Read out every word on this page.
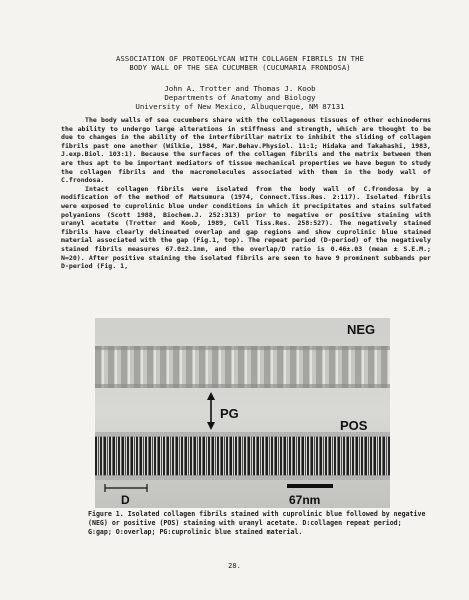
ASSOCIATION OF PROTEOGLYCAN WITH COLLAGEN FIBRILS IN THE
BODY WALL OF THE SEA CUCUMBER (CUCUMARIA FRONDOSA)
John A. Trotter and Thomas J. Koob
Departments of Anatomy and Biology
University of New Mexico, Albuquerque, NM 87131

The body walls of sea cucumbers share with the collagenous tissues of other echinoderms the ability to undergo large alterations in stiffness and strength, which are thought to be due to changes in the ability of the interfibrillar matrix to inhibit the sliding of collagen fibrils past one another (Wilkie, 1984, Mar.Behav.Physiol. 11:1; Hidaka and Takahashi, 1983, J.exp.Biol. 103:1). Because the surfaces of the collagen fibrils and the matrix between them are thus apt to be important mediators of tissue mechanical properties we have begun to study the collagen fibrils and the macromolecules associated with them in the body wall of C.frondosa.

Intact collagen fibrils were isolated from the body wall of C.frondosa by a modification of the method of Matsumura (1974, Connect.Tiss.Res. 2:117). Isolated fibrils were exposed to cuprolinic blue under conditions in which it precipitates and stains sulfated polyanions (Scott 1988, Biochem.J. 252:313) prior to negative or positive staining with uranyl acetate (Trotter and Koob, 1989, Cell Tiss.Res. 258:527). The negatively stained fibrils have clearly delineated overlap and gap regions and show cuprolinic blue stained material associated with the gap (Fig.1, top). The repeat period (D-period) of the negatively stained fibrils measures 67.0±2.1nm, and the overlap/D ratio is 0.46±.03 (mean ± S.E.M.; N=20). After positive staining the isolated fibrils are seen to have 9 prominent subbands per D-period (Fig. 1,

NEG
PG
POS
D	67nm
Figure 1. Isolated collagen fibrils stained with cuprolinic blue followed by negative (NEG) or positive (POS) staining with uranyl acetate. D:collagen repeat period; G:gap; O:overlap; PG:cuprolinic blue stained material.
28.
